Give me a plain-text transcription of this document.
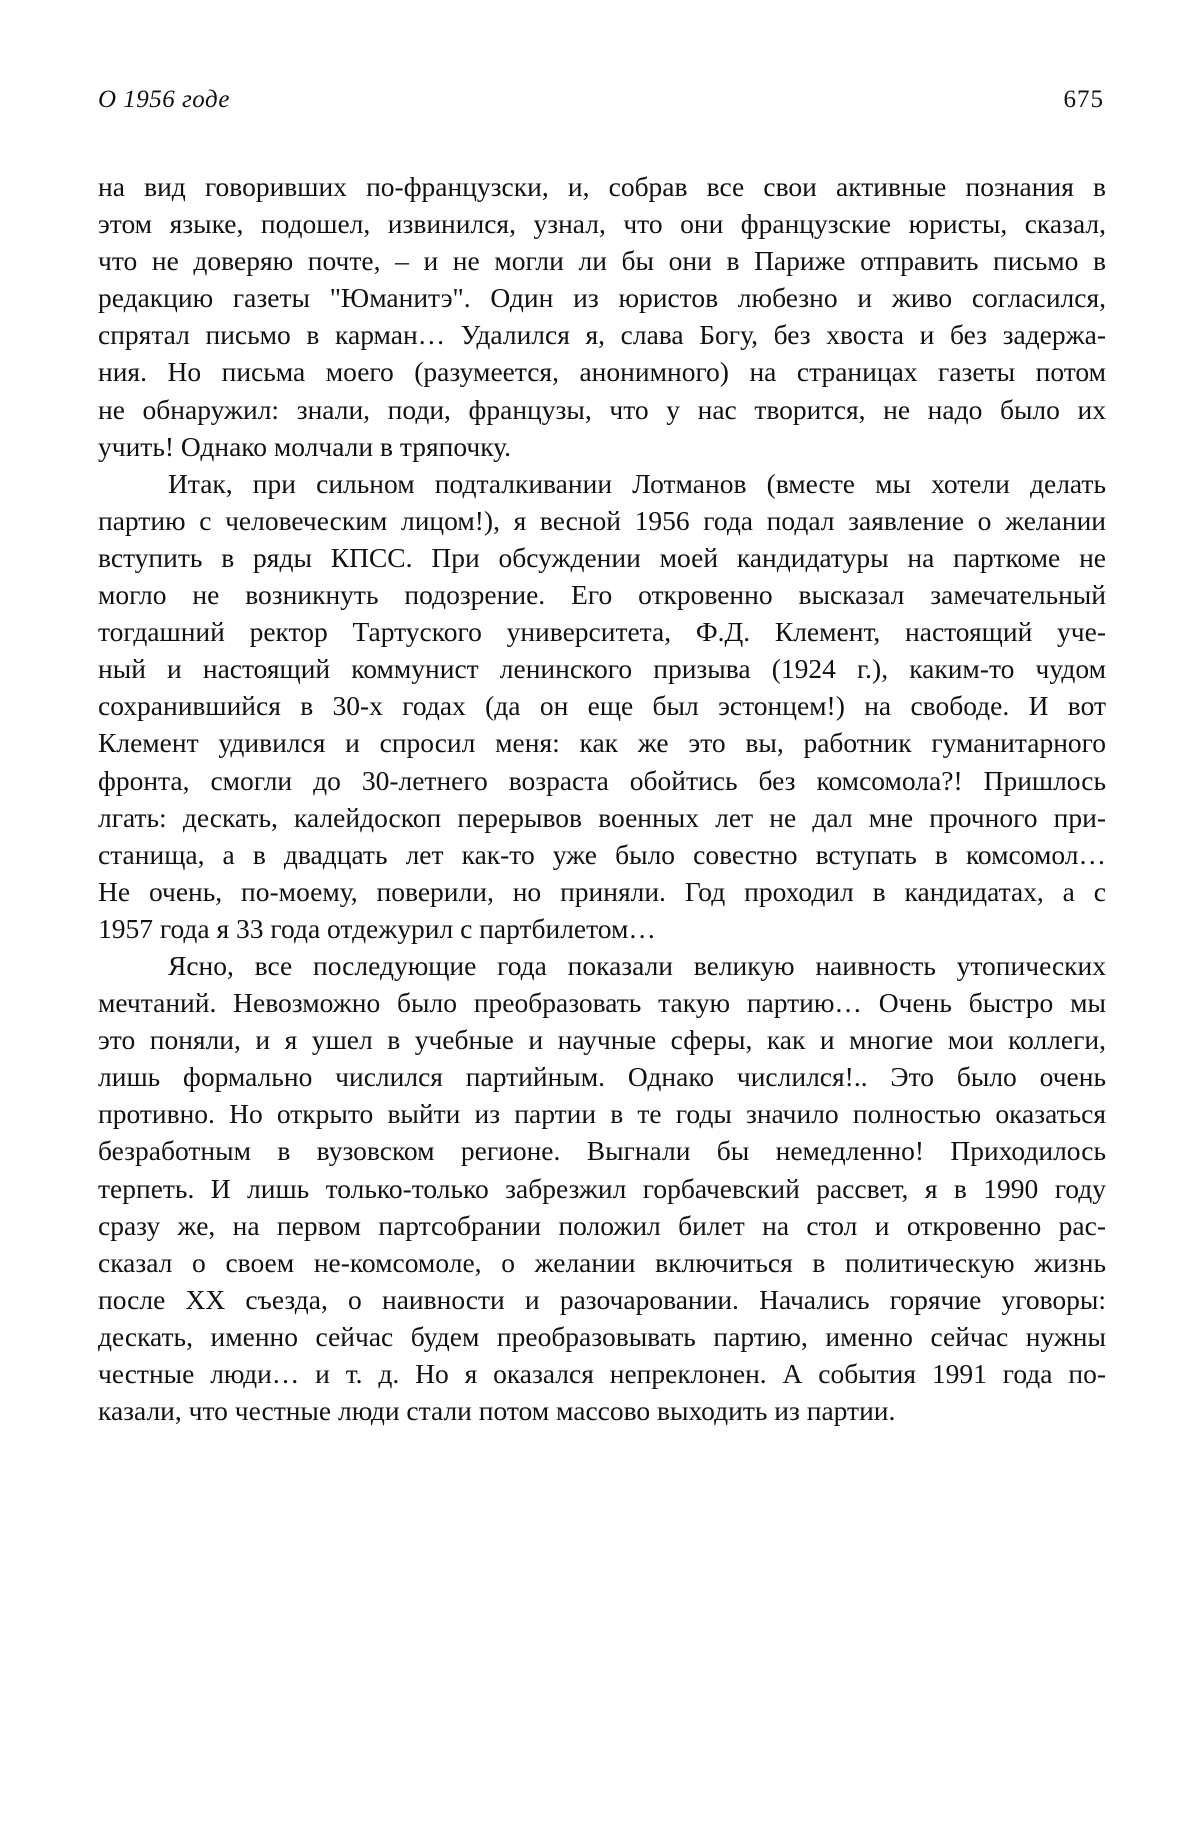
О 1956 годе	675
на вид говоривших по-французски, и, собрав все свои активные познания в
этом языке, подошел, извинился, узнал, что они французские юристы, сказал,
что не доверяю почте, – и не могли ли бы они в Париже отправить письмо в
редакцию газеты "Юманитэ". Один из юристов любезно и живо согласился,
спрятал письмо в карман… Удалился я, слава Богу, без хвоста и без задержа-
ния. Но письма моего (разумеется, анонимного) на страницах газеты потом
не обнаружил: знали, поди, французы, что у нас творится, не надо было их
учить! Однако молчали в тряпочку.
Итак, при сильном подталкивании Лотманов (вместе мы хотели делать
партию с человеческим лицом!), я весной 1956 года подал заявление о желании
вступить в ряды КПСС. При обсуждении моей кандидатуры на парткоме не
могло не возникнуть подозрение. Его откровенно высказал замечательный
тогдашний ректор Тартуского университета, Ф.Д. Клемент, настоящий уче-
ный и настоящий коммунист ленинского призыва (1924 г.), каким-то чудом
сохранившийся в 30-х годах (да он еще был эстонцем!) на свободе. И вот
Клемент удивился и спросил меня: как же это вы, работник гуманитарного
фронта, смогли до 30-летнего возраста обойтись без комсомола?! Пришлось
лгать: дескать, калейдоскоп перерывов военных лет не дал мне прочного при-
станища, а в двадцать лет как-то уже было совестно вступать в комсомол…
Не очень, по-моему, поверили, но приняли. Год проходил в кандидатах, а с
1957 года я 33 года отдежурил с партбилетом…
Ясно, все последующие года показали великую наивность утопических
мечтаний. Невозможно было преобразовать такую партию… Очень быстро мы
это поняли, и я ушел в учебные и научные сферы, как и многие мои коллеги,
лишь формально числился партийным. Однако числился!.. Это было очень
противно. Но открыто выйти из партии в те годы значило полностью оказаться
безработным в вузовском регионе. Выгнали бы немедленно! Приходилось
терпеть. И лишь только-только забрезжил горбачевский рассвет, я в 1990 году
сразу же, на первом партсобрании положил билет на стол и откровенно рас-
сказал о своем не-комсомоле, о желании включиться в политическую жизнь
после XX съезда, о наивности и разочаровании. Начались горячие уговоры:
дескать, именно сейчас будем преобразовывать партию, именно сейчас нужны
честные люди… и т. д. Но я оказался непреклонен. А события 1991 года по-
казали, что честные люди стали потом массово выходить из партии.
